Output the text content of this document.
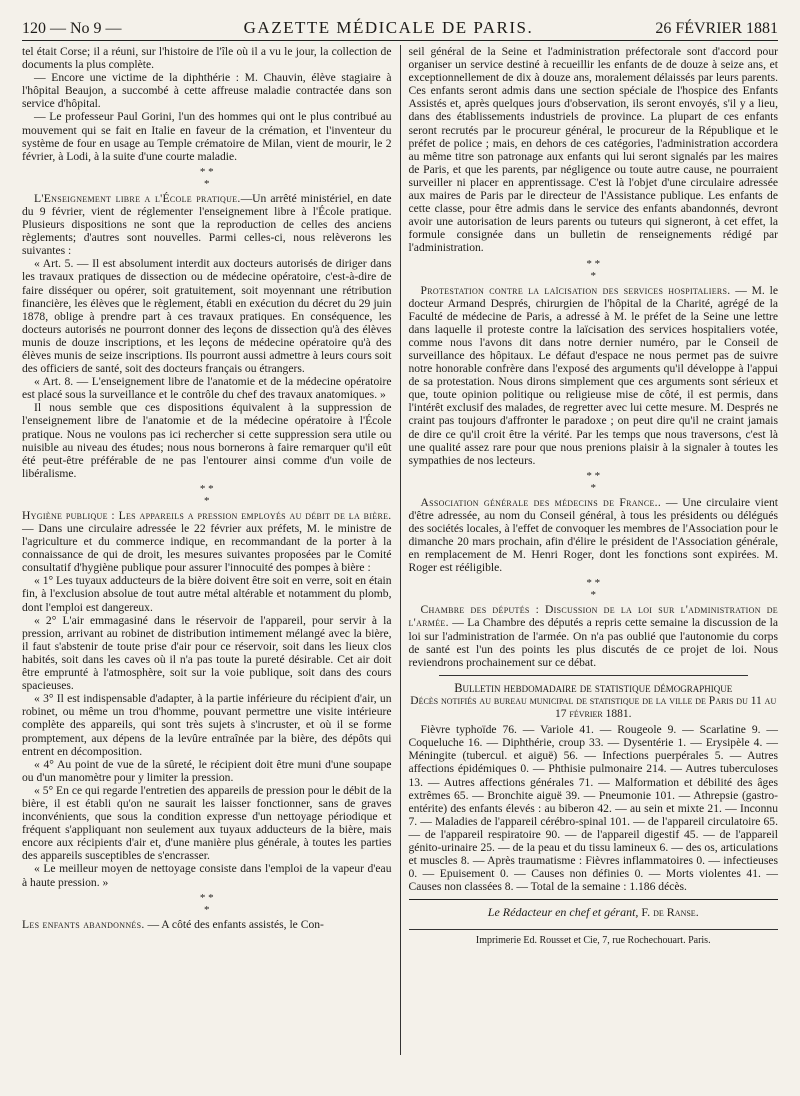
120 — No 9 —	GAZETTE MÉDICALE DE PARIS.	26 FÉVRIER 1881

tel était Corse; il a réuni, sur l'histoire de l'île où il a vu le jour, la collection de documents la plus complète.

— Encore une victime de la diphthérie : M. Chauvin, élève stagiaire à l'hôpital Beaujon, a succombé à cette affreuse maladie contractée dans son service d'hôpital.

— Le professeur Paul Gorini, l'un des hommes qui ont le plus contribué au mouvement qui se fait en Italie en faveur de la crémation, et l'inventeur du système de four en usage au Temple crématoire de Milan, vient de mourir, le 2 février, à Lodi, à la suite d'une courte maladie.

* *
*

L'Enseignement libre a l'École pratique.—Un arrêté ministériel, en date du 9 février, vient de réglementer l'enseignement libre à l'École pratique. Plusieurs dispositions ne sont que la reproduction de celles des anciens règlements; d'autres sont nouvelles. Parmi celles-ci, nous relèverons les suivantes :

« Art. 5. — Il est absolument interdit aux docteurs autorisés de diriger dans les travaux pratiques de dissection ou de médecine opératoire, c'est-à-dire de faire disséquer ou opérer, soit gratuitement, soit moyennant une rétribution financière, les élèves que le règlement, établi en exécution du décret du 29 juin 1878, oblige à prendre part à ces travaux pratiques. En conséquence, les docteurs autorisés ne pourront donner des leçons de dissection qu'à des élèves munis de douze inscriptions, et les leçons de médecine opératoire qu'à des élèves munis de seize inscriptions. Ils pourront aussi admettre à leurs cours soit des officiers de santé, soit des docteurs français ou étrangers.

« Art. 8. — L'enseignement libre de l'anatomie et de la médecine opératoire est placé sous la surveillance et le contrôle du chef des travaux anatomiques. »

Il nous semble que ces dispositions équivalent à la suppression de l'enseignement libre de l'anatomie et de la médecine opératoire à l'École pratique. Nous ne voulons pas ici rechercher si cette suppression sera utile ou nuisible au niveau des études; nous nous bornerons à faire remarquer qu'il eût été peut-être préférable de ne pas l'entourer ainsi comme d'un voile de libéralisme.

* *
*

Hygiène publique : Les appareils a pression employés au débit de la bière. — Dans une circulaire adressée le 22 février aux préfets, M. le ministre de l'agriculture et du commerce indique, en recommandant de la porter à la connaissance de qui de droit, les mesures suivantes proposées par le Comité consultatif d'hygiène publique pour assurer l'innocuité des pompes à bière :

« 1° Les tuyaux adducteurs de la bière doivent être soit en verre, soit en étain fin, à l'exclusion absolue de tout autre métal altérable et notamment du plomb, dont l'emploi est dangereux.

« 2° L'air emmagasiné dans le réservoir de l'appareil, pour servir à la pression, arrivant au robinet de distribution intimement mélangé avec la bière, il faut s'abstenir de toute prise d'air pour ce réservoir, soit dans les lieux clos habités, soit dans les caves où il n'a pas toute la pureté désirable. Cet air doit être emprunté à l'atmosphère, soit sur la voie publique, soit dans des cours spacieuses.

« 3° Il est indispensable d'adapter, à la partie inférieure du récipient d'air, un robinet, ou même un trou d'homme, pouvant permettre une visite intérieure complète des appareils, qui sont très sujets à s'incruster, et où il se forme promptement, aux dépens de la levûre entraînée par la bière, des dépôts qui entrent en décomposition.

« 4° Au point de vue de la sûreté, le récipient doit être muni d'une soupape ou d'un manomètre pour y limiter la pression.

« 5° En ce qui regarde l'entretien des appareils de pression pour le débit de la bière, il est établi qu'on ne saurait les laisser fonctionner, sans de graves inconvénients, que sous la condition expresse d'un nettoyage périodique et fréquent s'appliquant non seulement aux tuyaux adducteurs de la bière, mais encore aux récipients d'air et, d'une manière plus générale, à toutes les parties des appareils susceptibles de s'encrasser.

« Le meilleur moyen de nettoyage consiste dans l'emploi de la vapeur d'eau à haute pression. »

* *
*

Les enfants abandonnés. — A côté des enfants assistés, le Con-

seil général de la Seine et l'administration préfectorale sont d'accord pour organiser un service destiné à recueillir les enfants de de douze à seize ans, et exceptionnellement de dix à douze ans, moralement délaissés par leurs parents. Ces enfants seront admis dans une section spéciale de l'hospice des Enfants Assistés et, après quelques jours d'observation, ils seront envoyés, s'il y a lieu, dans des établissements industriels de province. La plupart de ces enfants seront recrutés par le procureur général, le procureur de la République et le préfet de police ; mais, en dehors de ces catégories, l'administration accordera au même titre son patronage aux enfants qui lui seront signalés par les maires de Paris, et que les parents, par négligence ou toute autre cause, ne pourraient surveiller ni placer en apprentissage. C'est là l'objet d'une circulaire adressée aux maires de Paris par le directeur de l'Assistance publique. Les enfants de cette classe, pour être admis dans le service des enfants abandonnés, devront avoir une autorisation de leurs parents ou tuteurs qui signeront, à cet effet, la formule consignée dans un bulletin de renseignements rédigé par l'administration.

* *
*

Protestation contre la laïcisation des services hospitaliers. — M. le docteur Armand Després, chirurgien de l'hôpital de la Charité, agrégé de la Faculté de médecine de Paris, a adressé à M. le préfet de la Seine une lettre dans laquelle il proteste contre la laïcisation des services hospitaliers votée, comme nous l'avons dit dans notre dernier numéro, par le Conseil de surveillance des hôpitaux. Le défaut d'espace ne nous permet pas de suivre notre honorable confrère dans l'exposé des arguments qu'il développe à l'appui de sa protestation. Nous dirons simplement que ces arguments sont sérieux et que, toute opinion politique ou religieuse mise de côté, il est permis, dans l'intérêt exclusif des malades, de regretter avec lui cette mesure. M. Després ne craint pas toujours d'affronter le paradoxe ; on peut dire qu'il ne craint jamais de dire ce qu'il croit être la vérité. Par les temps que nous traversons, c'est là une qualité assez rare pour que nous prenions plaisir à la signaler à toutes les sympathies de nos lecteurs.

* *
*

Association générale des médecins de France.. — Une circulaire vient d'être adressée, au nom du Conseil général, à tous les présidents ou délégués des sociétés locales, à l'effet de convoquer les membres de l'Association pour le dimanche 20 mars prochain, afin d'élire le président de l'Association générale, en remplacement de M. Henri Roger, dont les fonctions sont expirées. M. Roger est rééligible.

* *
*

Chambre des députés : Discussion de la loi sur l'administration de l'armée. — La Chambre des députés a repris cette semaine la discussion de la loi sur l'administration de l'armée. On n'a pas oublié que l'autonomie du corps de santé est l'un des points les plus discutés de ce projet de loi. Nous reviendrons prochainement sur ce débat.

Bulletin hebdomadaire de statistique démographique
Décès notifiés au bureau municipal de statistique de la ville de Paris du 11 au 17 février 1881.

Fièvre typhoïde 76. — Variole 41. — Rougeole 9. — Scarlatine 9. — Coqueluche 16. — Diphthérie, croup 33. — Dysentérie 1. — Erysipèle 4. — Méningite (tubercul. et aiguë) 56. — Infections puerpérales 5. — Autres affections épidémiques 0. — Phthisie pulmonaire 214. — Autres tuberculoses 13. — Autres affections générales 71. — Malformation et débilité des âges extrêmes 65. — Bronchite aiguë 39. — Pneumonie 101. — Athrepsie (gastro-entérite) des enfants élevés : au biberon 42. — au sein et mixte 21. — Inconnu 7. — Maladies de l'appareil cérébro-spinal 101. — de l'appareil circulatoire 65. — de l'appareil respiratoire 90. — de l'appareil digestif 45. — de l'appareil génito-urinaire 25. — de la peau et du tissu lamineux 6. — des os, articulations et muscles 8. — Après traumatisme : Fièvres inflammatoires 0. — infectieuses 0. — Epuisement 0. — Causes non définies 0. — Morts violentes 41. — Causes non classées 8. — Total de la semaine : 1.186 décès.

Le Rédacteur en chef et gérant, F. de Ranse.
Imprimerie Ed. Rousset et Cie, 7, rue Rochechouart. Paris.
